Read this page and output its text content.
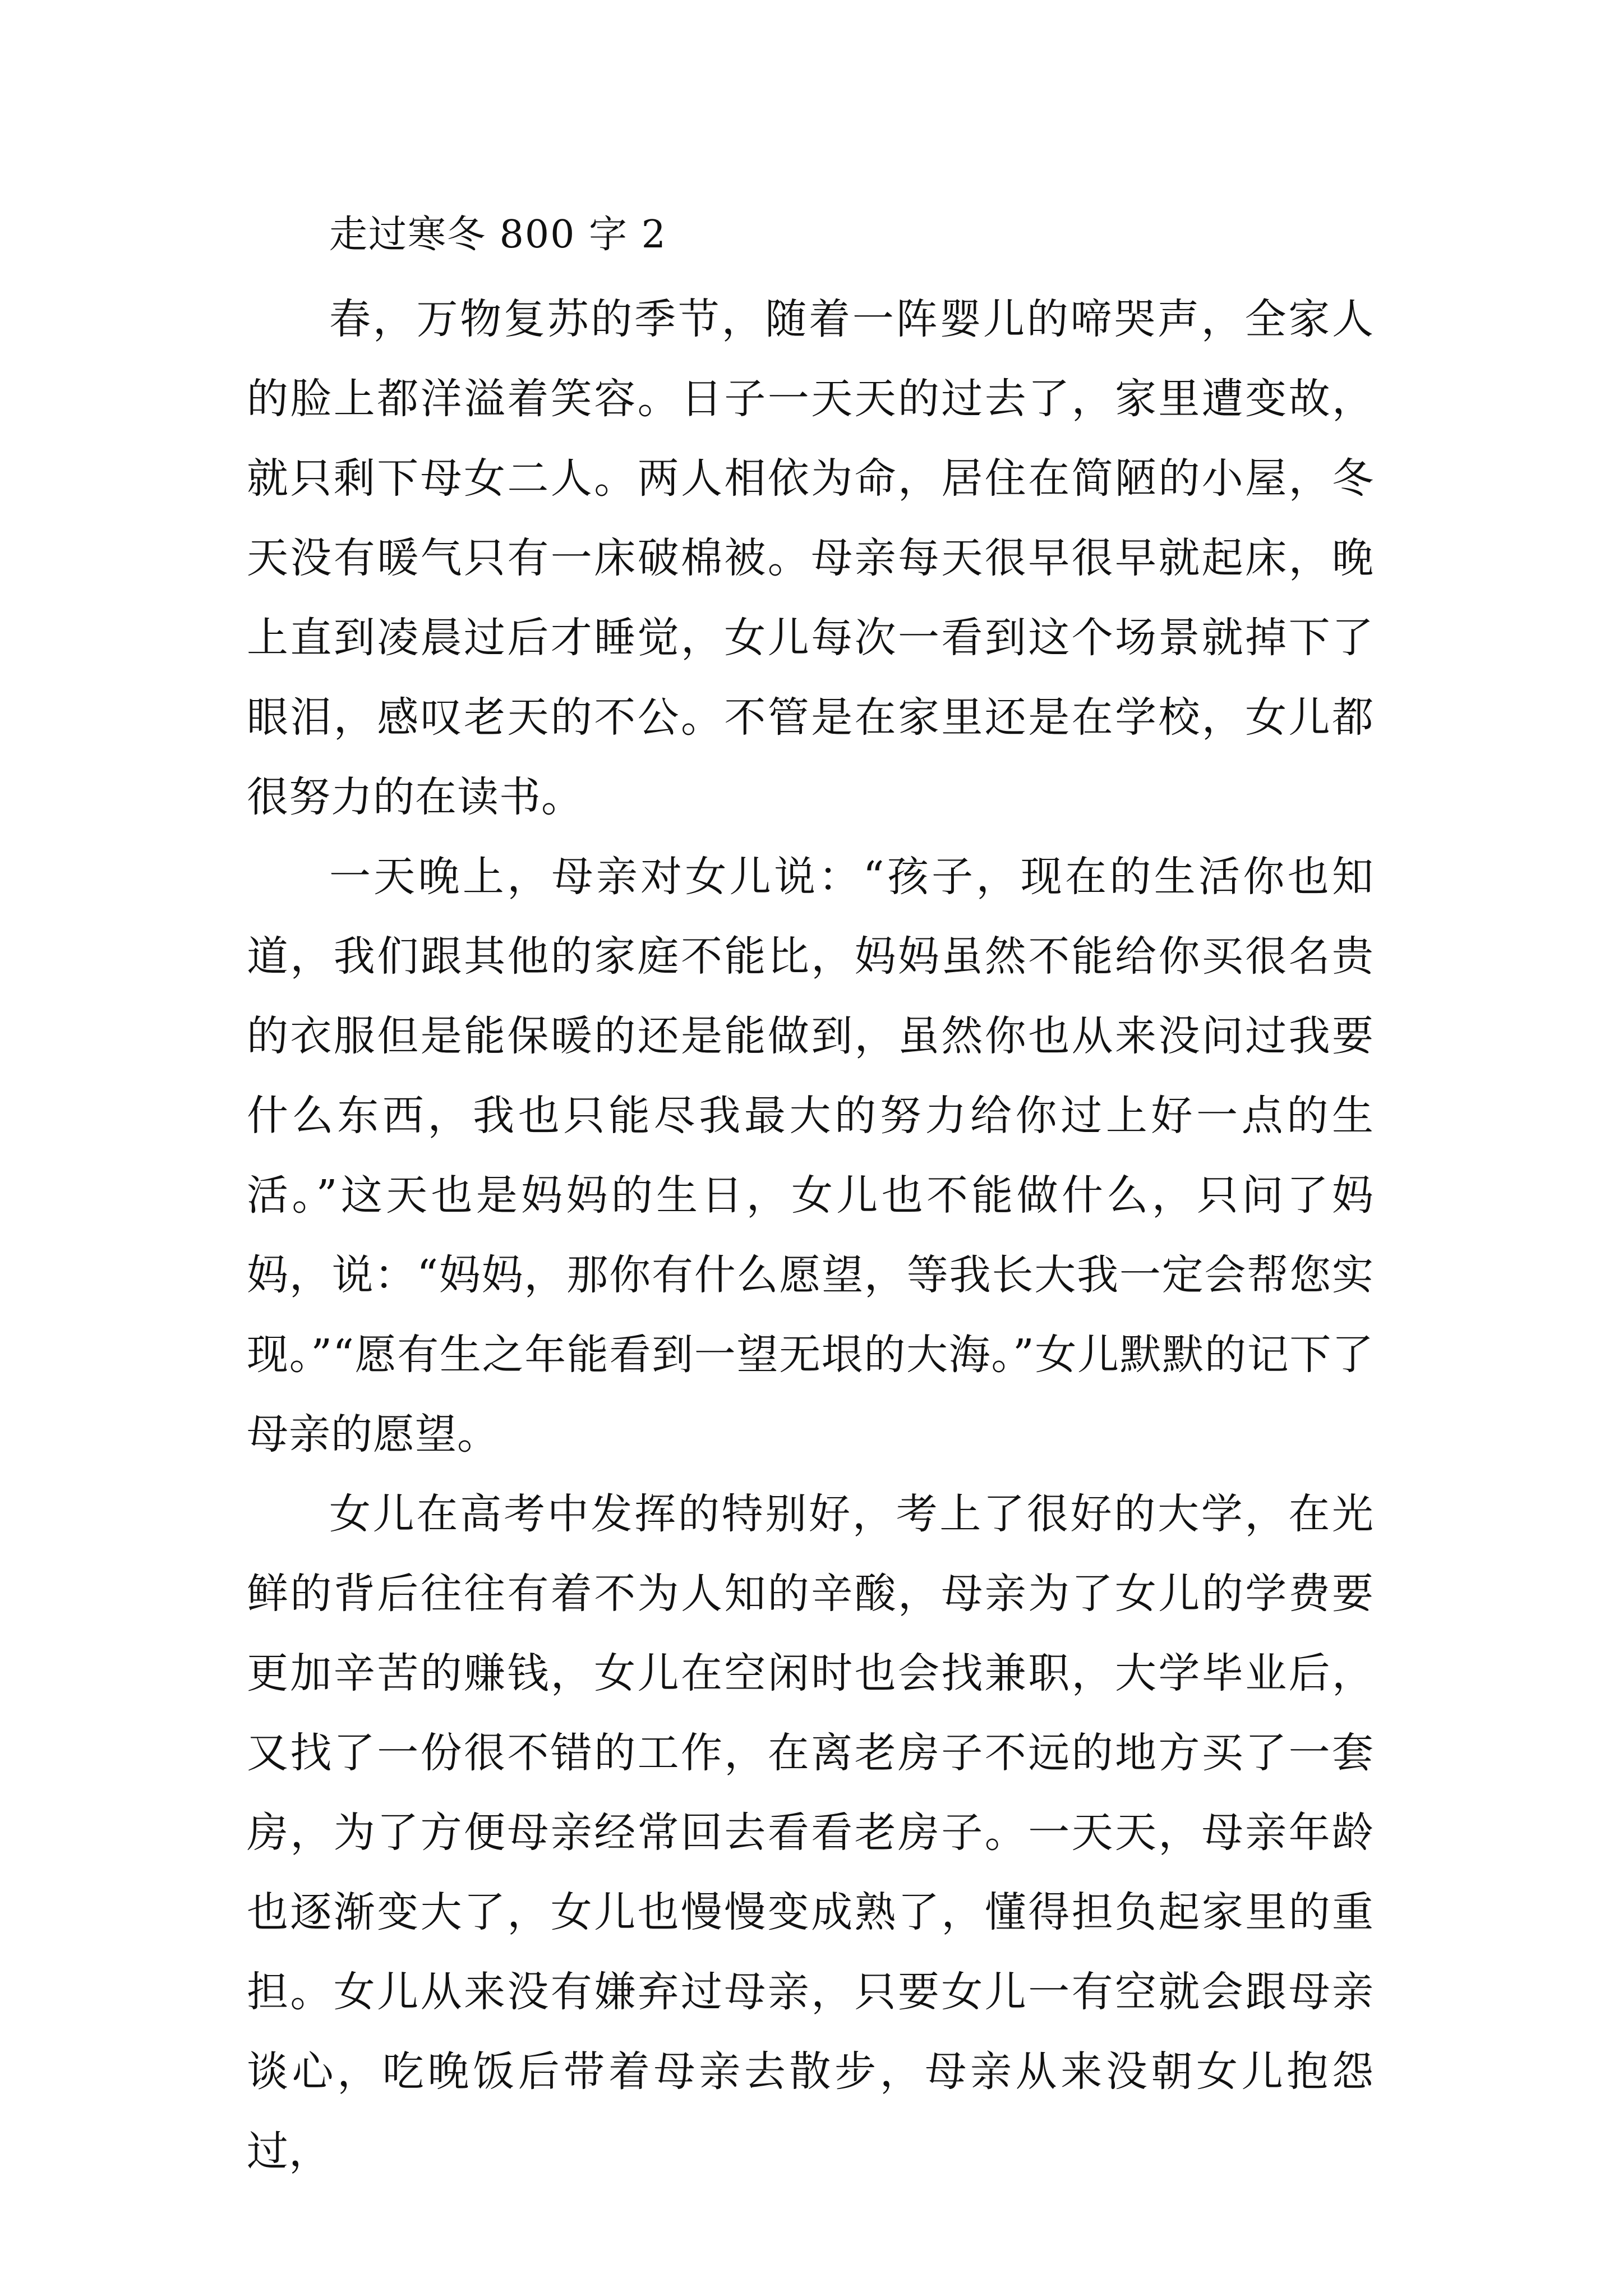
走过寒冬 800 字 2

春，万物复苏的季节，随着一阵婴儿的啼哭声，全家人的脸上都洋溢着笑容。日子一天天的过去了，家里遭变故，就只剩下母女二人。两人相依为命，居住在简陋的小屋，冬天没有暖气只有一床破棉被。母亲每天很早很早就起床，晚上直到凌晨过后才睡觉，女儿每次一看到这个场景就掉下了眼泪，感叹老天的不公。不管是在家里还是在学校，女儿都很努力的在读书。

一天晚上，母亲对女儿说：“孩子，现在的生活你也知道，我们跟其他的家庭不能比，妈妈虽然不能给你买很名贵的衣服但是能保暖的还是能做到，虽然你也从来没问过我要什么东西，我也只能尽我最大的努力给你过上好一点的生活。”这天也是妈妈的生日，女儿也不能做什么，只问了妈妈，说：“妈妈，那你有什么愿望，等我长大我一定会帮您实现。”“愿有生之年能看到一望无垠的大海。”女儿默默的记下了母亲的愿望。

女儿在高考中发挥的特别好，考上了很好的大学，在光鲜的背后往往有着不为人知的辛酸，母亲为了女儿的学费要更加辛苦的赚钱，女儿在空闲时也会找兼职，大学毕业后，又找了一份很不错的工作，在离老房子不远的地方买了一套房，为了方便母亲经常回去看看老房子。一天天，母亲年龄也逐渐变大了，女儿也慢慢变成熟了，懂得担负起家里的重担。女儿从来没有嫌弃过母亲，只要女儿一有空就会跟母亲谈心，吃晚饭后带着母亲去散步，母亲从来没朝女儿抱怨过，
